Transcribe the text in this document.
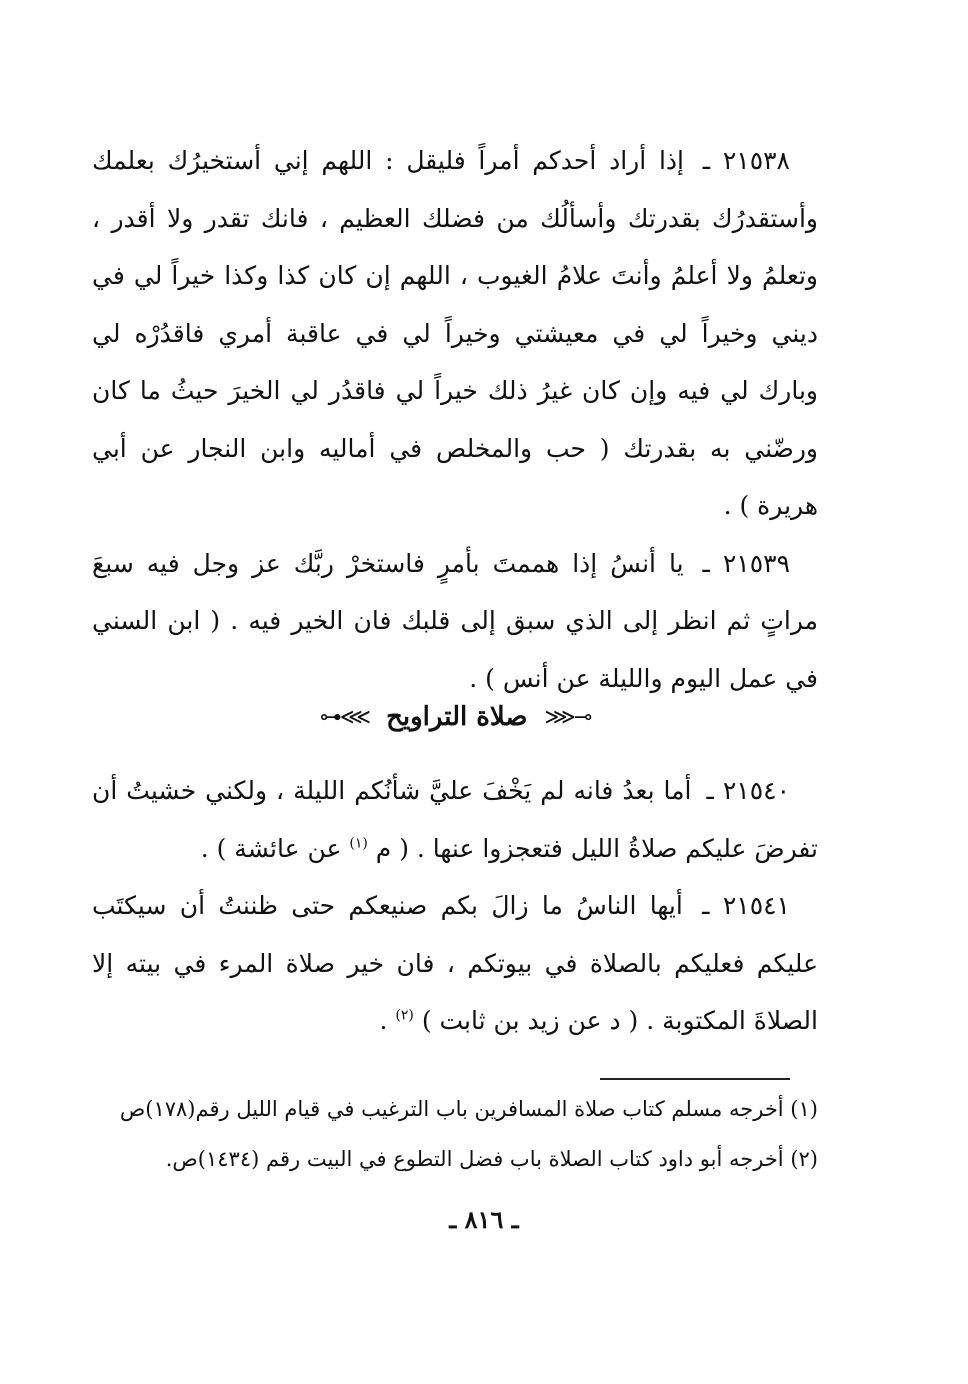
٢١٥٣٨ ـ إذا أراد أحدكم أمراً فليقل : اللهم إني أستخيرُك بعلمك وأستقدرُك بقدرتك وأسألُك من فضلك العظيم ، فانك تقدر ولا أقدر ، وتعلمُ ولا أعلمُ وأنتَ علامُ الغيوب ، اللهم إن كان كذا وكذا خيراً لي في ديني وخيراً لي في معيشتي وخيراً لي في عاقبة أمري فاقدُرْه لي وبارك لي فيه وإن كان غيرُ ذلك خيراً لي فاقدُر لي الخيرَ حيثُ ما كان ورضّني به بقدرتك ( حب والمخلص في أماليه وابن النجار عن أبي هريرة ) .

٢١٥٣٩ ـ يا أنسُ إذا هممتَ بأمرٍ فاستخرْ ربَّك عز وجل فيه سبعَ مراتٍ ثم انظر إلى الذي سبق إلى قلبك فان الخير فيه . ( ابن السني في عمل اليوم والليلة عن أنس ) .

⊸⋘ صلاة التراويح ⋙⊷

٢١٥٤٠ ـ أما بعدُ فانه لم يَخْفَ عليَّ شأنُكم الليلة ، ولكني خشيتُ أن تفرضَ عليكم صلاةُ الليل فتعجزوا عنها . ( م $^{(١)}$ عن عائشة ) .

٢١٥٤١ ـ أيها الناسُ ما زالَ بكم صنيعكم حتى ظننتُ أن سيكتَب عليكم فعليكم بالصلاة في بيوتكم ، فان خير صلاة المرء في بيته إلا الصلاةَ المكتوبة . ( د عن زيد بن ثابت ) $^{(٢)}$ .

(١) أخرجه مسلم كتاب صلاة المسافرين باب الترغيب في قيام الليل رقم(١٧٨)ص

(٢) أخرجه أبو داود كتاب الصلاة باب فضل التطوع في البيت رقم (١٤٣٤)ص.

ـ ٨١٦ ـ
